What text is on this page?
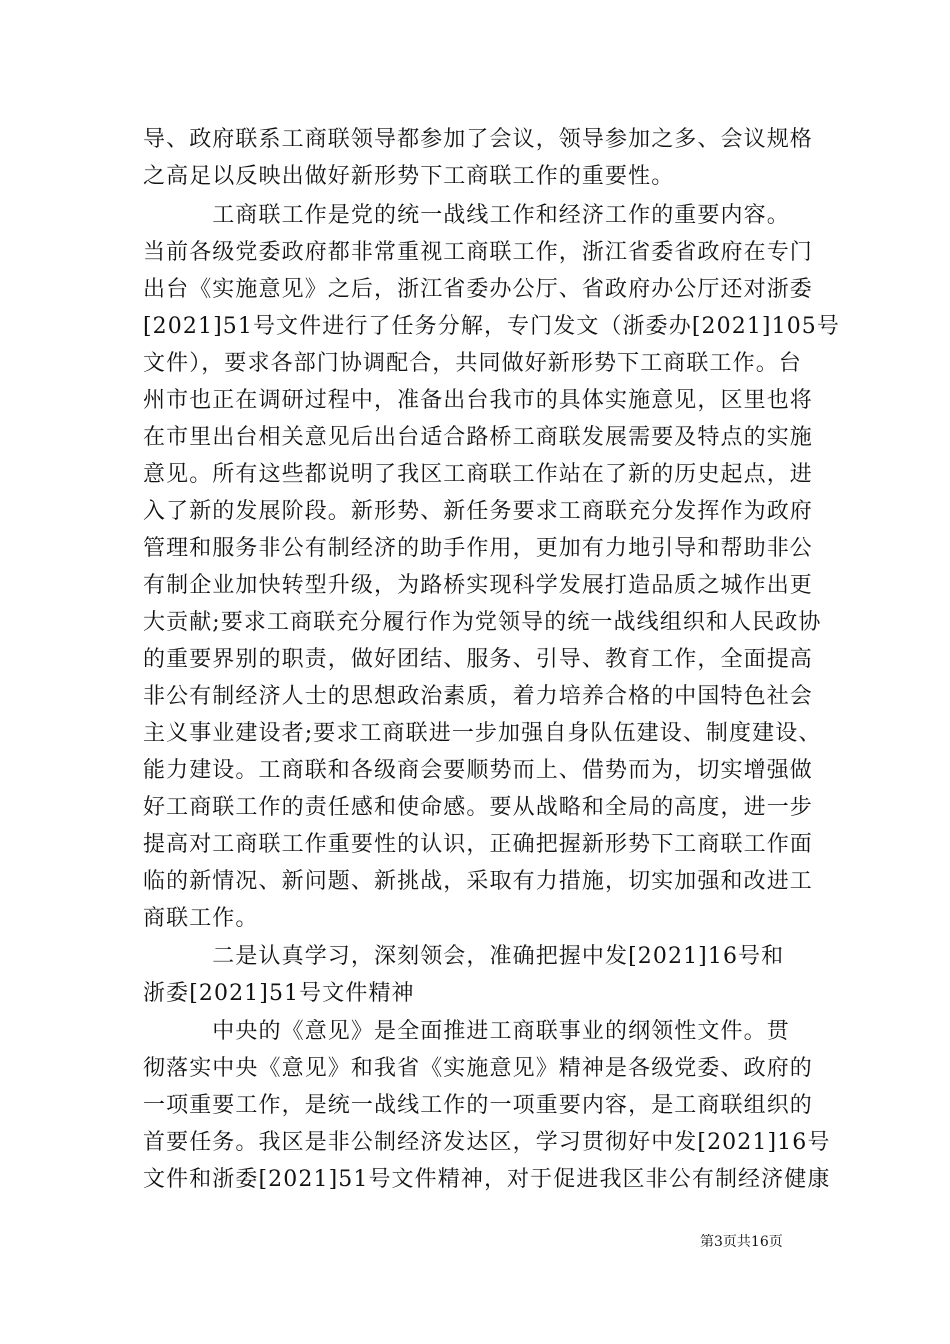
导、政府联系工商联领导都参加了会议，领导参加之多、会议规格
之高足以反映出做好新形势下工商联工作的重要性。
　　　工商联工作是党的统一战线工作和经济工作的重要内容。
当前各级党委政府都非常重视工商联工作，浙江省委省政府在专门
出台《实施意见》之后，浙江省委办公厅、省政府办公厅还对浙委
[2021]51号文件进行了任务分解，专门发文（浙委办[2021]105号
文件），要求各部门协调配合，共同做好新形势下工商联工作。台
州市也正在调研过程中，准备出台我市的具体实施意见，区里也将
在市里出台相关意见后出台适合路桥工商联发展需要及特点的实施
意见。所有这些都说明了我区工商联工作站在了新的历史起点，进
入了新的发展阶段。新形势、新任务要求工商联充分发挥作为政府
管理和服务非公有制经济的助手作用，更加有力地引导和帮助非公
有制企业加快转型升级，为路桥实现科学发展打造品质之城作出更
大贡献;要求工商联充分履行作为党领导的统一战线组织和人民政协
的重要界别的职责，做好团结、服务、引导、教育工作，全面提高
非公有制经济人士的思想政治素质，着力培养合格的中国特色社会
主义事业建设者;要求工商联进一步加强自身队伍建设、制度建设、
能力建设。工商联和各级商会要顺势而上、借势而为，切实增强做
好工商联工作的责任感和使命感。要从战略和全局的高度，进一步
提高对工商联工作重要性的认识，正确把握新形势下工商联工作面
临的新情况、新问题、新挑战，采取有力措施，切实加强和改进工
商联工作。
　　　二是认真学习，深刻领会，准确把握中发[2021]16号和
浙委[2021]51号文件精神
　　　中央的《意见》是全面推进工商联事业的纲领性文件。贯
彻落实中央《意见》和我省《实施意见》精神是各级党委、政府的
一项重要工作，是统一战线工作的一项重要内容，是工商联组织的
首要任务。我区是非公制经济发达区，学习贯彻好中发[2021]16号
文件和浙委[2021]51号文件精神，对于促进我区非公有制经济健康
第3页共16页
